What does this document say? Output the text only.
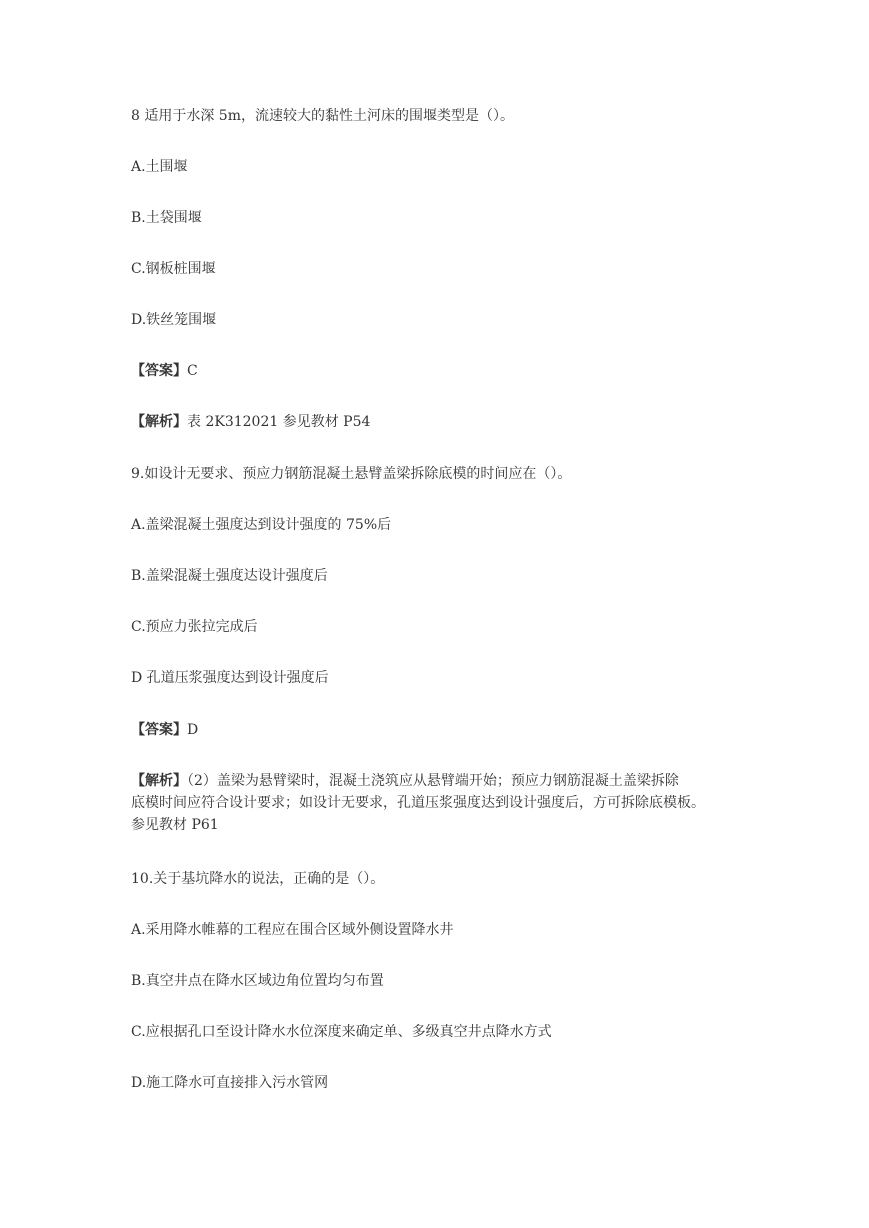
8 适用于水深 5m，流速较大的黏性土河床的围堰类型是（）。
A.土围堰
B.土袋围堰
C.钢板桩围堰
D.铁丝笼围堰
【答案】C
【解析】表 2K312021 参见教材 P54
9.如设计无要求、预应力钢筋混凝土悬臂盖梁拆除底模的时间应在（）。
A.盖梁混凝土强度达到设计强度的 75%后
B.盖梁混凝土强度达设计强度后
C.预应力张拉完成后
D 孔道压浆强度达到设计强度后
【答案】D
【解析】（2）盖梁为悬臂梁时，混凝土浇筑应从悬臂端开始；预应力钢筋混凝土盖梁拆除
底模时间应符合设计要求；如设计无要求，孔道压浆强度达到设计强度后，方可拆除底模板。
参见教材 P61
10.关于基坑降水的说法，正确的是（）。
A.采用降水帷幕的工程应在围合区域外侧设置降水井
B.真空井点在降水区域边角位置均匀布置
C.应根据孔口至设计降水水位深度来确定单、多级真空井点降水方式
D.施工降水可直接排入污水管网
